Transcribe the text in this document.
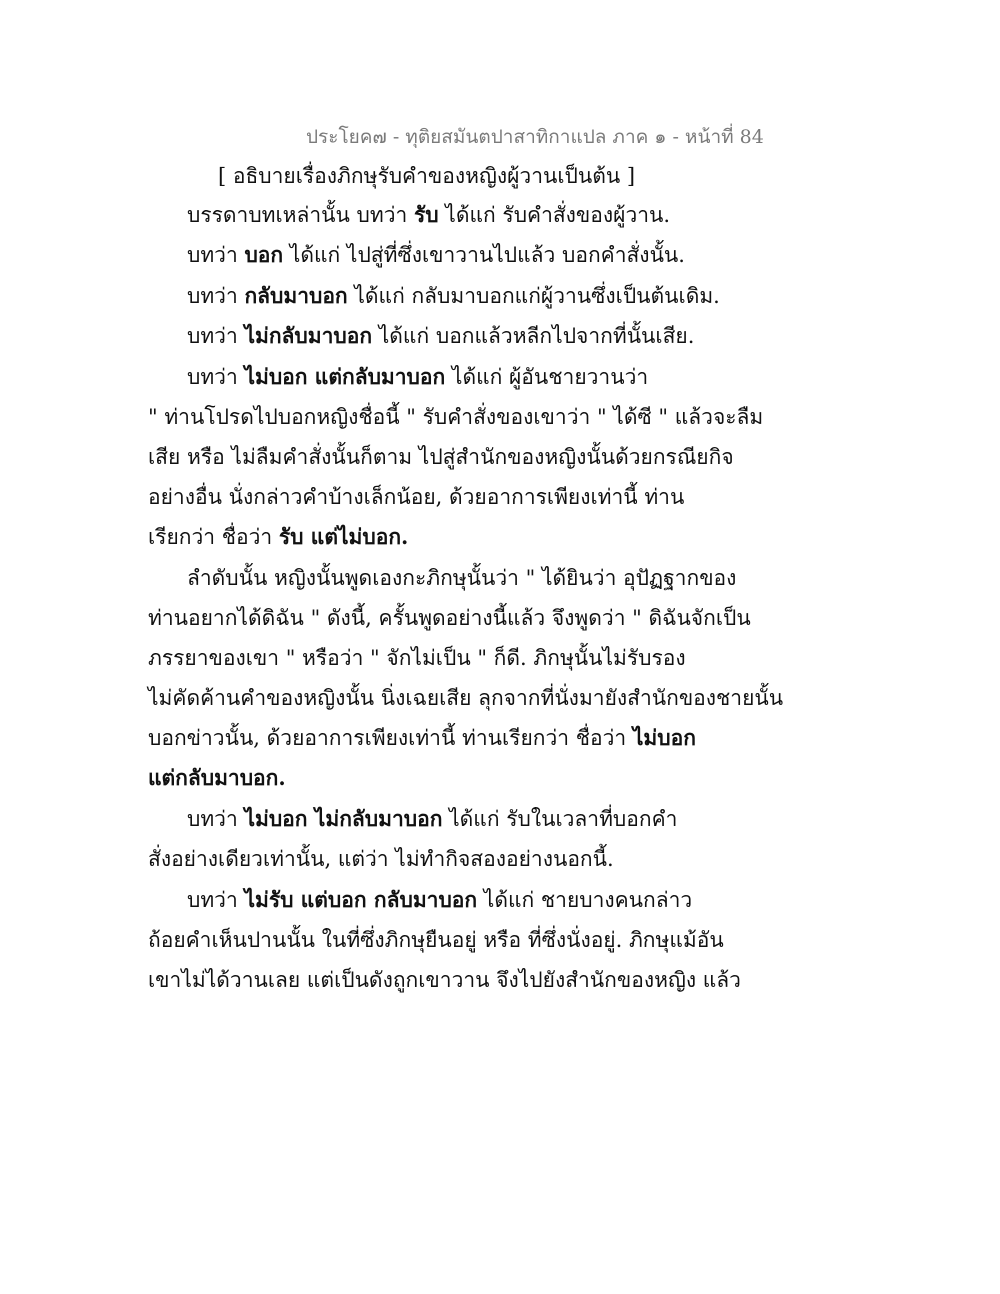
ประโยค๗ - ทุติยสมันตปาสาทิกาแปล ภาค ๑ - หน้าที่ 84

[ อธิบายเรื่องภิกษุรับคำของหญิงผู้วานเป็นต้น ]

บรรดาบทเหล่านั้น บทว่า รับ ได้แก่ รับคำสั่งของผู้วาน.

บทว่า บอก ได้แก่ ไปสู่ที่ซึ่งเขาวานไปแล้ว บอกคำสั่งนั้น.

บทว่า กลับมาบอก ได้แก่ กลับมาบอกแก่ผู้วานซึ่งเป็นต้นเดิม.

บทว่า ไม่กลับมาบอก ได้แก่ บอกแล้วหลีกไปจากที่นั้นเสีย.

บทว่า ไม่บอก แต่กลับมาบอก ได้แก่ ผู้อันชายวานว่า

" ท่านโปรดไปบอกหญิงชื่อนี้ " รับคำสั่งของเขาว่า " ได้ซี " แล้วจะลืม

เสีย หรือ ไม่ลืมคำสั่งนั้นก็ตาม ไปสู่สำนักของหญิงนั้นด้วยกรณียกิจ

อย่างอื่น นั่งกล่าวคำบ้างเล็กน้อย, ด้วยอาการเพียงเท่านี้ ท่าน

เรียกว่า ชื่อว่า รับ แต่ไม่บอก.

ลำดับนั้น หญิงนั้นพูดเองกะภิกษุนั้นว่า " ได้ยินว่า อุปัฏฐากของ

ท่านอยากได้ดิฉัน " ดังนี้, ครั้นพูดอย่างนี้แล้ว จึงพูดว่า " ดิฉันจักเป็น

ภรรยาของเขา " หรือว่า " จักไม่เป็น " ก็ดี. ภิกษุนั้นไม่รับรอง

ไม่คัดค้านคำของหญิงนั้น นิ่งเฉยเสีย ลุกจากที่นั่งมายังสำนักของชายนั้น

บอกข่าวนั้น, ด้วยอาการเพียงเท่านี้ ท่านเรียกว่า ชื่อว่า ไม่บอก

แต่กลับมาบอก.

บทว่า ไม่บอก ไม่กลับมาบอก ได้แก่ รับในเวลาที่บอกคำ

สั่งอย่างเดียวเท่านั้น, แต่ว่า ไม่ทำกิจสองอย่างนอกนี้.

บทว่า ไม่รับ แต่บอก กลับมาบอก ได้แก่ ชายบางคนกล่าว

ถ้อยคำเห็นปานนั้น ในที่ซึ่งภิกษุยืนอยู่ หรือ ที่ซึ่งนั่งอยู่. ภิกษุแม้อัน

เขาไม่ได้วานเลย แต่เป็นดังถูกเขาวาน จึงไปยังสำนักของหญิง แล้ว
